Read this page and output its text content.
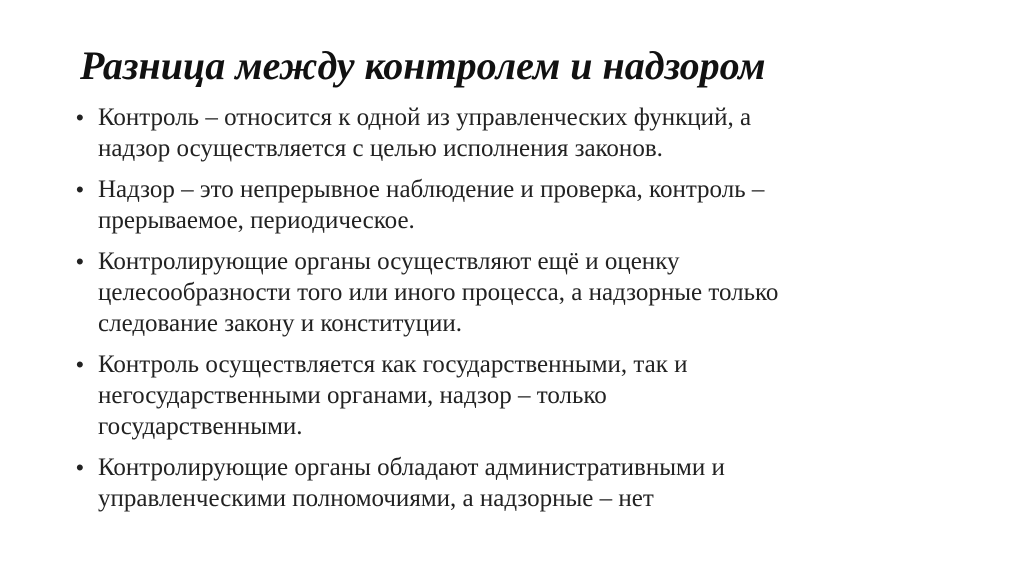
Разница между контролем и надзором
• Контроль – относится к одной из управленческих функций, а
надзор осуществляется с целью исполнения законов.
• Надзор – это непрерывное наблюдение и проверка, контроль –
прерываемое, периодическое.
• Контролирующие органы осуществляют ещё и оценку
целесообразности того или иного процесса, а надзорные только
следование закону и конституции.
• Контроль осуществляется как государственными, так и
негосударственными органами, надзор – только
государственными.
• Контролирующие органы обладают административными и
управленческими полномочиями, а надзорные – нет
